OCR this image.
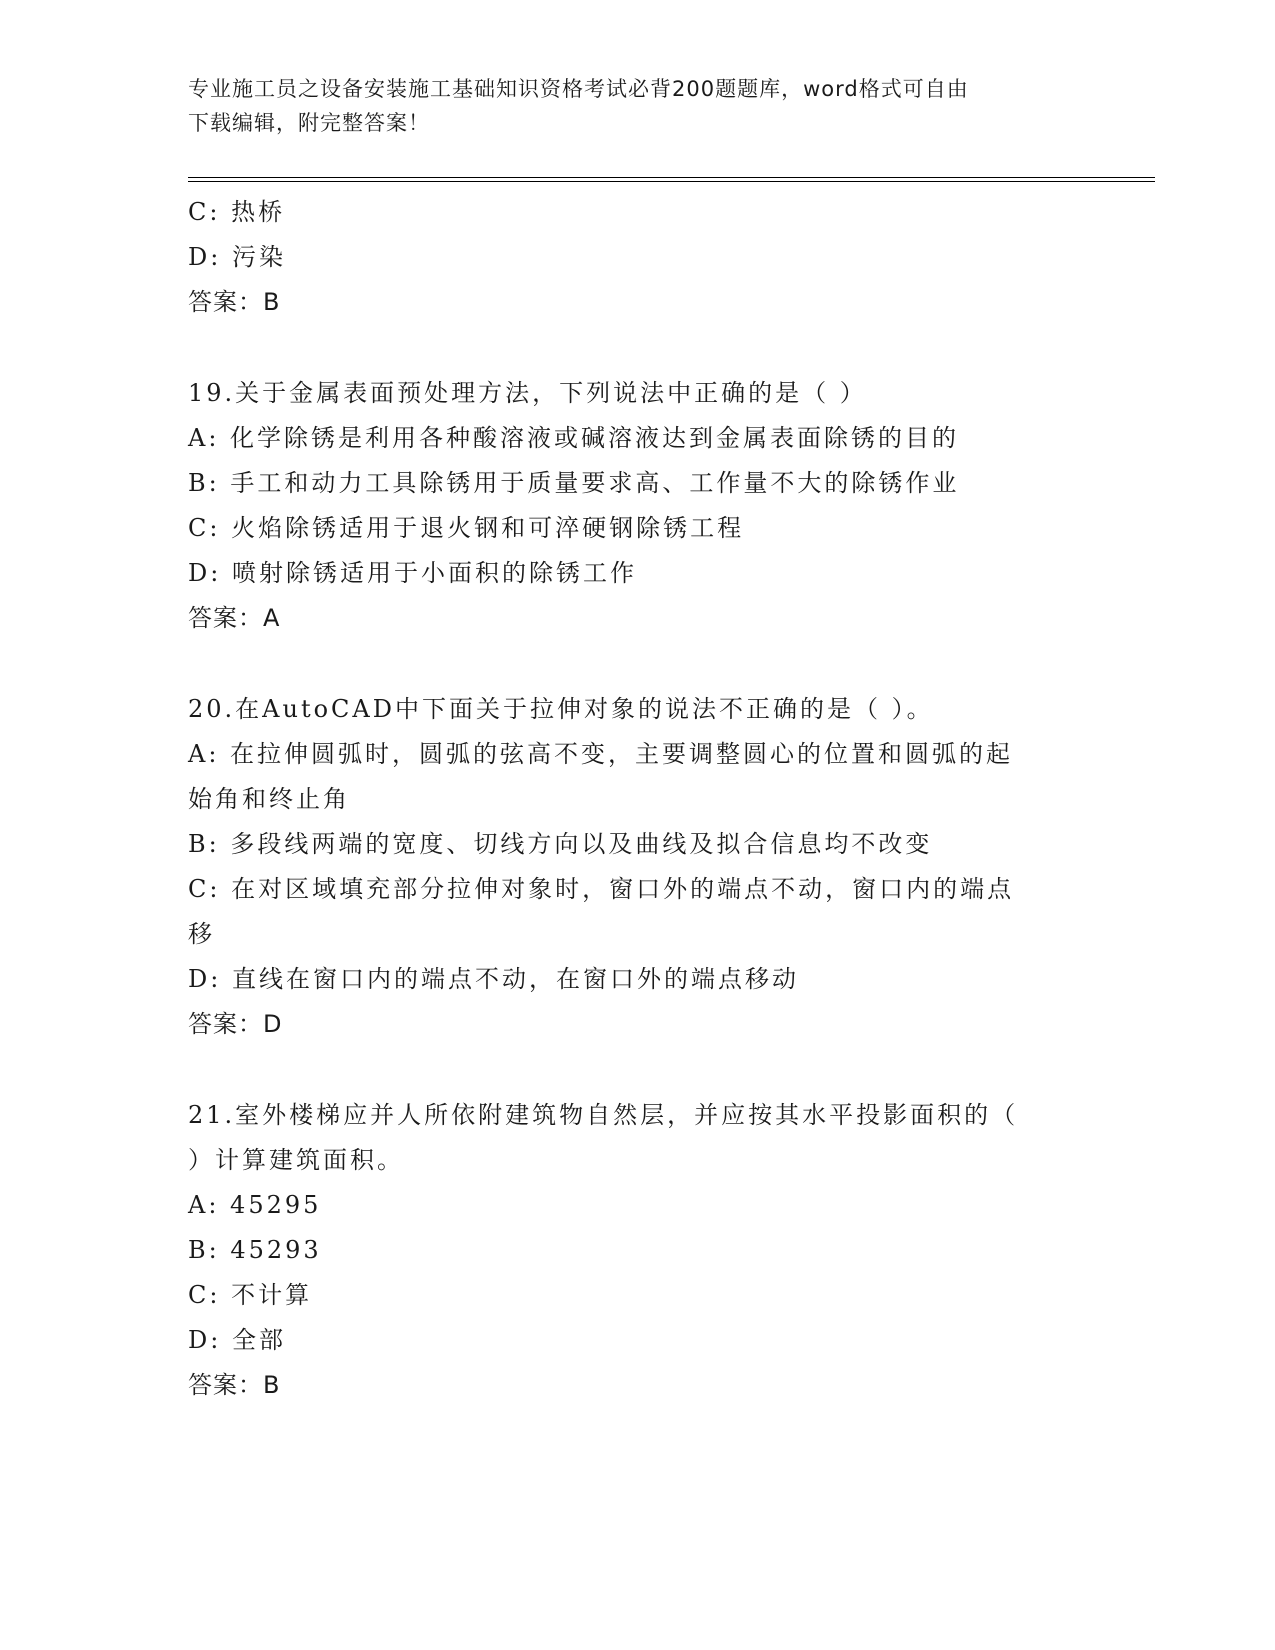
专业施工员之设备安装施工基础知识资格考试必背200题题库，word格式可自由
下载编辑，附完整答案！
C: 热桥
D: 污染
答案：B
19.关于金属表面预处理方法，下列说法中正确的是（ ）
A: 化学除锈是利用各种酸溶液或碱溶液达到金属表面除锈的目的
B: 手工和动力工具除锈用于质量要求高、工作量不大的除锈作业
C: 火焰除锈适用于退火钢和可淬硬钢除锈工程
D: 喷射除锈适用于小面积的除锈工作
答案：A
20.在AutoCAD中下面关于拉伸对象的说法不正确的是（ ）。
A: 在拉伸圆弧时，圆弧的弦高不变，主要调整圆心的位置和圆弧的起
始角和终止角
B: 多段线两端的宽度、切线方向以及曲线及拟合信息均不改变
C: 在对区域填充部分拉伸对象时，窗口外的端点不动，窗口内的端点
移
D: 直线在窗口内的端点不动，在窗口外的端点移动
答案：D
21.室外楼梯应并人所依附建筑物自然层，并应按其水平投影面积的（
）计算建筑面积。
A: 45295
B: 45293
C: 不计算
D: 全部
答案：B
